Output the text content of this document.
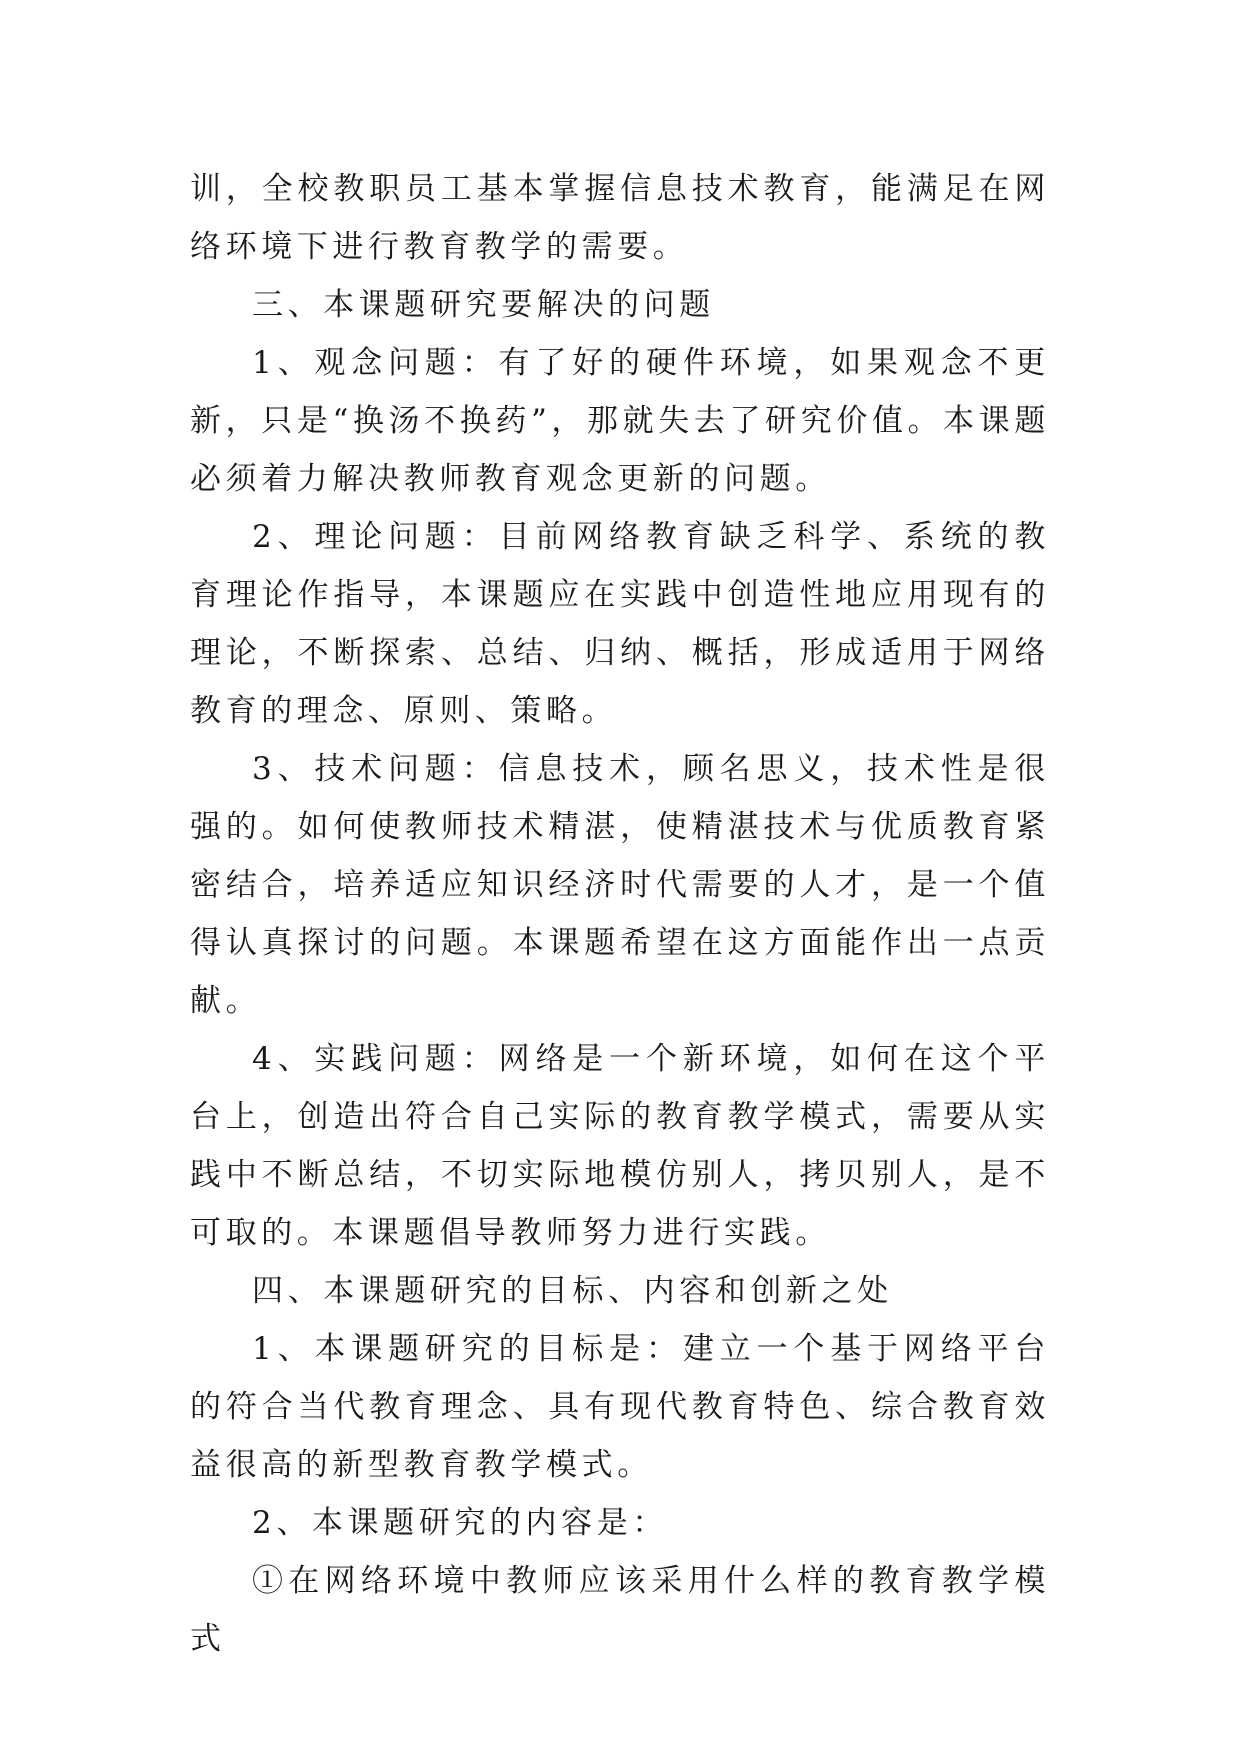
训，全校教职员工基本掌握信息技术教育，能满足在网络环境下进行教育教学的需要。

三、本课题研究要解决的问题

1、观念问题：有了好的硬件环境，如果观念不更新，只是“换汤不换药”，那就失去了研究价值。本课题必须着力解决教师教育观念更新的问题。

2、理论问题：目前网络教育缺乏科学、系统的教育理论作指导，本课题应在实践中创造性地应用现有的理论，不断探索、总结、归纳、概括，形成适用于网络教育的理念、原则、策略。

3、技术问题：信息技术，顾名思义，技术性是很强的。如何使教师技术精湛，使精湛技术与优质教育紧密结合，培养适应知识经济时代需要的人才，是一个值得认真探讨的问题。本课题希望在这方面能作出一点贡献。

4、实践问题：网络是一个新环境，如何在这个平台上，创造出符合自己实际的教育教学模式，需要从实践中不断总结，不切实际地模仿别人，拷贝别人，是不可取的。本课题倡导教师努力进行实践。

四、本课题研究的目标、内容和创新之处

1、本课题研究的目标是：建立一个基于网络平台的符合当代教育理念、具有现代教育特色、综合教育效益很高的新型教育教学模式。

2、本课题研究的内容是：

①在网络环境中教师应该采用什么样的教育教学模式
